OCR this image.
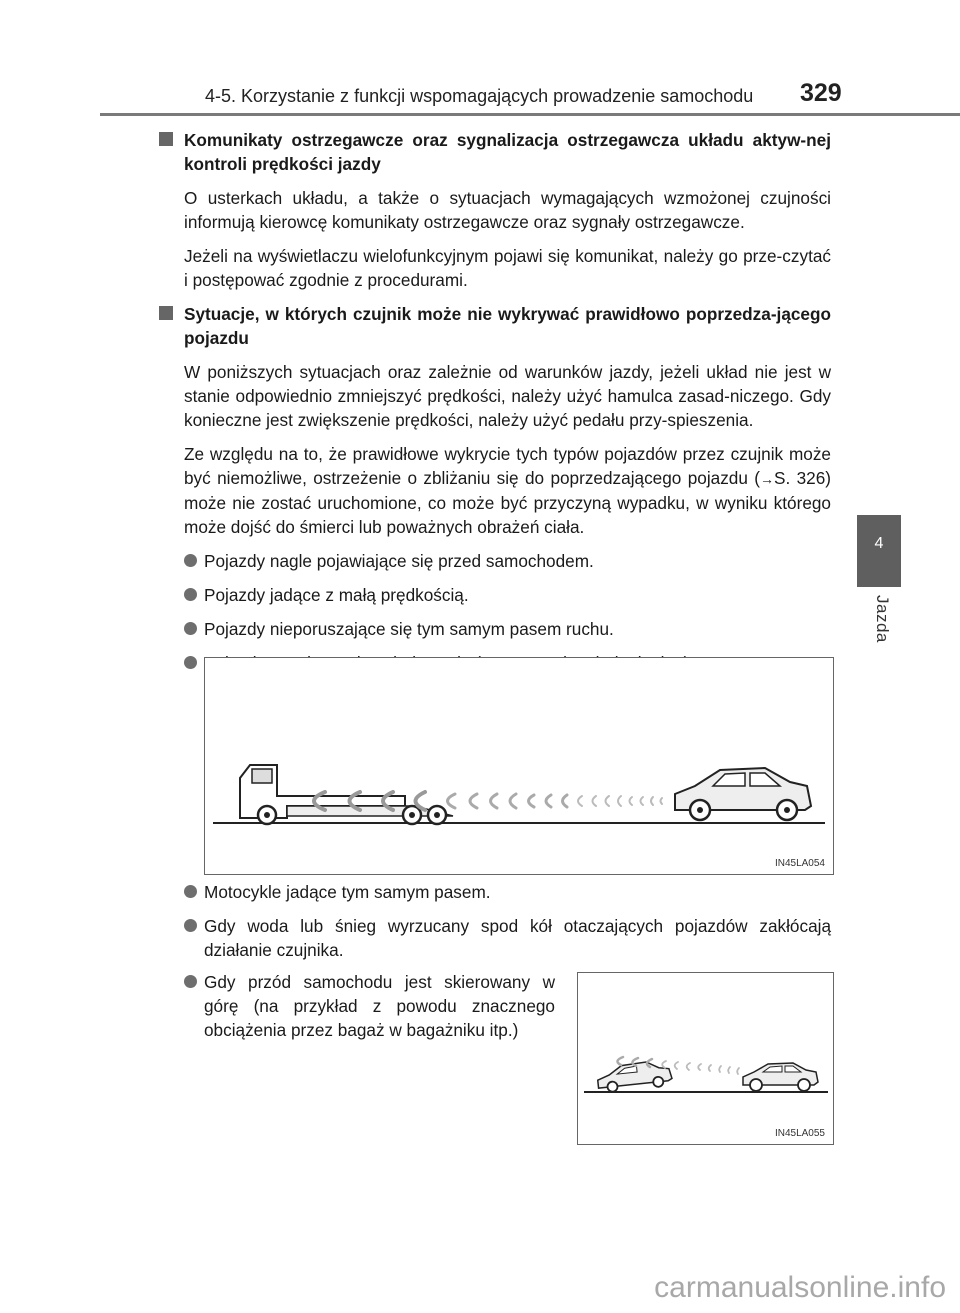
4-5. Korzystanie z funkcji wspomagających prowadzenie samochodu 329
4
Jazda
Komunikaty ostrzegawcze oraz sygnalizacja ostrzegawcza układu aktyw-nej kontroli prędkości jazdy

O usterkach układu, a także o sytuacjach wymagających wzmożonej czujności informują kierowcę komunikaty ostrzegawcze oraz sygnały ostrzegawcze.

Jeżeli na wyświetlaczu wielofunkcyjnym pojawi się komunikat, należy go prze-czytać i postępować zgodnie z procedurami.

Sytuacje, w których czujnik może nie wykrywać prawidłowo poprzedza-jącego pojazdu

W poniższych sytuacjach oraz zależnie od warunków jazdy, jeżeli układ nie jest w stanie odpowiednio zmniejszyć prędkości, należy użyć hamulca zasad-niczego. Gdy konieczne jest zwiększenie prędkości, należy użyć pedału przy-spieszenia.

Ze względu na to, że prawidłowe wykrycie tych typów pojazdów przez czujnik może być niemożliwe, ostrzeżenie o zbliżaniu się do poprzedzającego pojazdu (→S. 326) może nie zostać uruchomione, co może być przyczyną wypadku, w wyniku którego może dojść do śmierci lub poważnych obrażeń ciała.

Pojazdy nagle pojawiające się przed samochodem.
Pojazdy jadące z małą prędkością.
Pojazdy nieporuszające się tym samym pasem ruchu.
IN45LA054
Motocykle jadące tym samym pasem.
Gdy woda lub śnieg wyrzucany spod kół otaczających pojazdów zakłócają działanie czujnika.
Gdy przód samochodu jest skierowany w górę (na przykład z powodu znacznego obciążenia przez bagaż w bagażniku itp.)
IN45LA055
carmanualsonline.info
